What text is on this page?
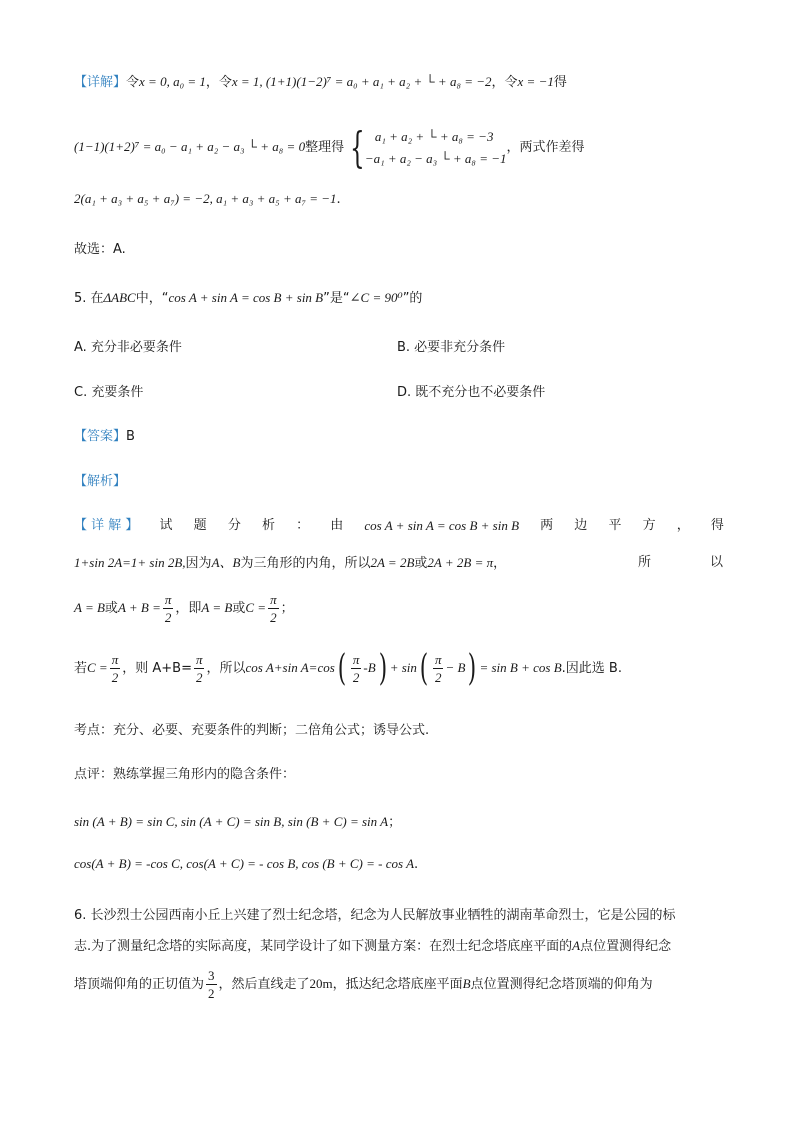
【详解】令x = 0, a₀ = 1，令x = 1, (1+1)(1−2)⁷ = a₀ + a₁ + a₂ + └ + a₈ = −2，令x = −1得
(1−1)(1+2)⁷ = a₀ − a₁ + a₂ − a₃ └ + a₈ = 0整理得 { a₁ + a₂ + └ + a₈ = −3
−a₁ + a₂ − a₃ └ + a₈ = −1
，两式作差得
2(a₁ + a₃ + a₅ + a₇) = −2, a₁ + a₃ + a₅ + a₇ = −1.
故选：A.
5. 在ΔABC中，“cos A + sin A = cos B + sin B”是“∠C = 90⁰”的
A. 充分非必要条件	B. 必要非充分条件
C. 充要条件	D. 既不充分也不必要条件
【答案】B
【解析】
【 详 解 】 试 题 分 析 ： 由 cos A + sin A = cos B + sin B 两 边 平 方 ， 得
1+sin 2A=1+ sin 2B,因为A、B为三角形的内角，所以2A = 2B或2A + 2B = π，	所	以
A = B或$A + B = \frac{\pi}{2}$ ，即A = B或$C = \frac{\pi}{2}$ ；
若$C = \frac{\pi}{2}$ ，则 $A+B= \frac{\pi}{2}$ ，所以cos A+sin $A=\cos( \frac{\pi}{2} -B) + \sin( \frac{\pi}{2} - B) = \sin B + \cos B$.因此选 B.
考点：充分、必要、充要条件的判断；二倍角公式；诱导公式.
点评：熟练掌握三角形内的隐含条件：
sin (A + B) = sin C, sin (A + C) = sin B, sin (B + C) = sin A；
cos(A + B) = -cos C, cos(A + C) = - cos B, cos (B + C) = - cos A.
6. 长沙烈士公园西南小丘上兴建了烈士纪念塔，纪念为人民解放事业牺牲的湖南革命烈士，它是公园的标
志.为了测量纪念塔的实际高度，某同学设计了如下测量方案：在烈士纪念塔底座平面的A点位置测得纪念
塔顶端仰角的正切值为 $\frac{3}{2}$ ，然后直线走了20m，抵达纪念塔底座平面B点位置测得纪念塔顶端的仰角为
